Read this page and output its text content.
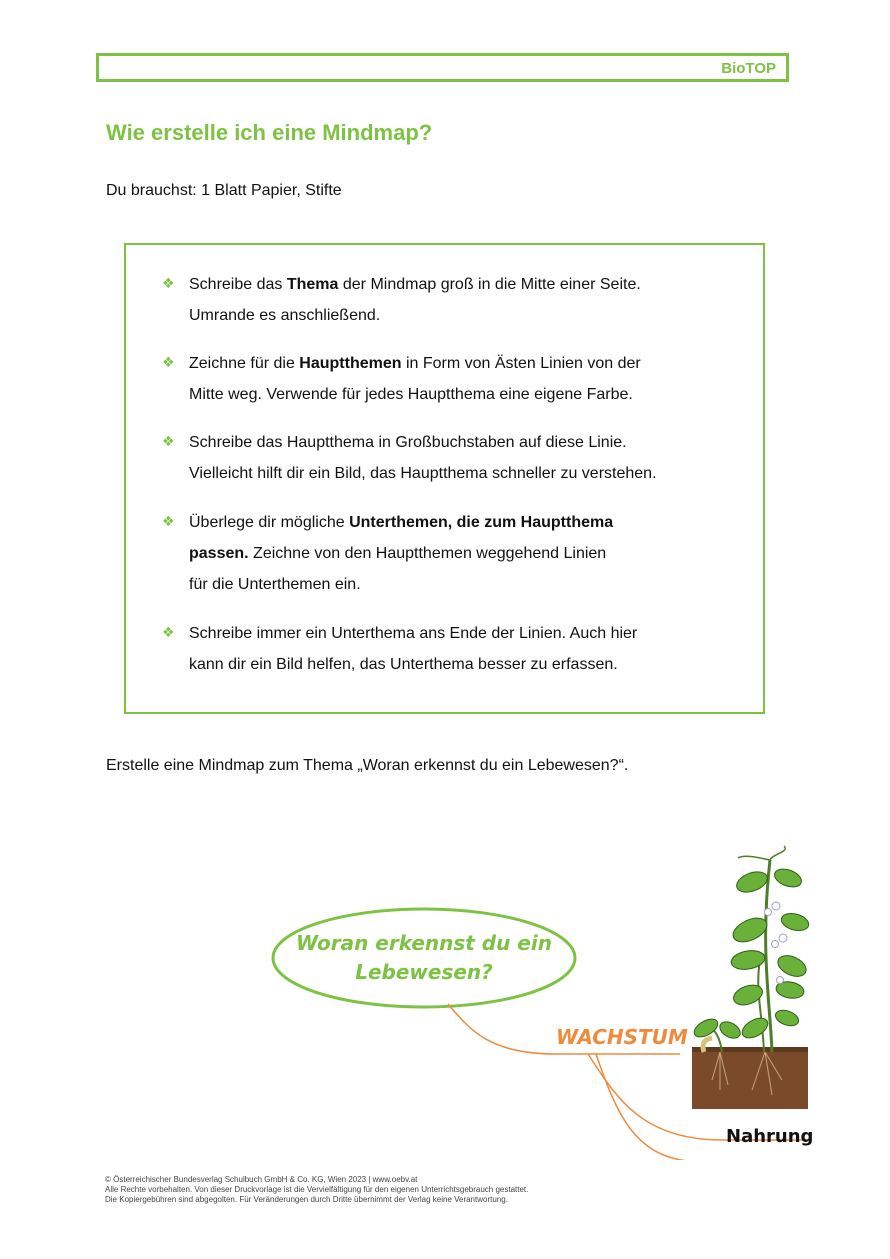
BioTOP
Wie erstelle ich eine Mindmap?
Du brauchst: 1 Blatt Papier, Stifte
❖ Schreibe das Thema der Mindmap groß in die Mitte einer Seite.
Umrande es anschließend.
❖ Zeichne für die Hauptthemen in Form von Ästen Linien von der
Mitte weg. Verwende für jedes Hauptthema eine eigene Farbe.
❖ Schreibe das Hauptthema in Großbuchstaben auf diese Linie.
Vielleicht hilft dir ein Bild, das Hauptthema schneller zu verstehen.
❖ Überlege dir mögliche Unterthemen, die zum Hauptthema
passen. Zeichne von den Hauptthemen weggehend Linien
für die Unterthemen ein.
❖ Schreibe immer ein Unterthema ans Ende der Linien. Auch hier
kann dir ein Bild helfen, das Unterthema besser zu erfassen.
Erstelle eine Mindmap zum Thema „Woran erkennst du ein Lebewesen?“.
Woran erkennst du ein
Lebewesen?
WACHSTUM
Nahrung
© Österreichischer Bundesverlag Schulbuch GmbH & Co. KG, Wien 2023 | www.oebv.at
Alle Rechte vorbehalten. Von dieser Druckvorlage ist die Vervielfältigung für den eigenen Unterrichtsgebrauch gestattet.
Die Kopiergebühren sind abgegolten. Für Veränderungen durch Dritte übernimmt der Verlag keine Verantwortung.
